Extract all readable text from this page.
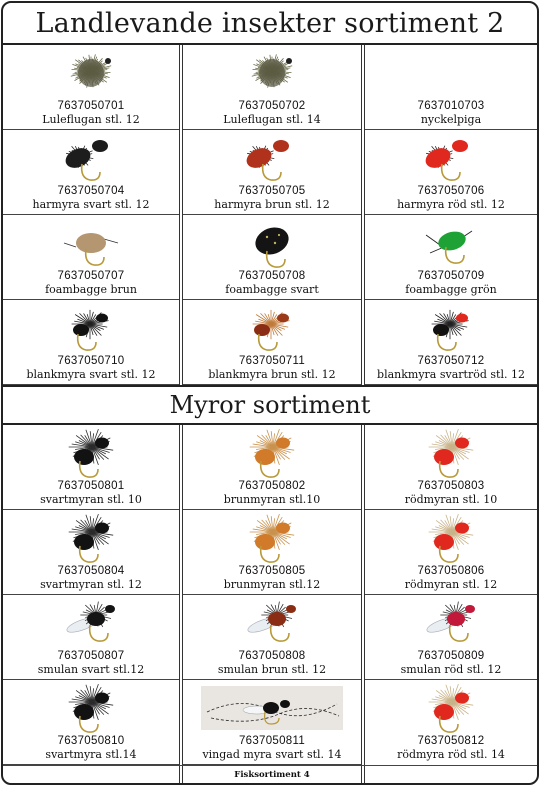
Landlevande insekter sortiment 2
7637050701
Luleflugan stl. 12
7637050702
Luleflugan stl. 14
7637010703
nyckelpiga
7637050704
harmyra svart stl. 12
7637050705
harmyra brun stl. 12
7637050706
harmyra röd stl. 12
7637050707
foambagge brun
7637050708
foambagge svart
7637050709
foambagge grön
7637050710
blankmyra svart stl. 12
7637050711
blankmyra brun stl. 12
7637050712
blankmyra svartröd stl. 12
Myror sortiment
7637050801
svartmyran stl. 10
7637050802
brunmyran stl.10
7637050803
rödmyran stl. 10
7637050804
svartmyran stl. 12
7637050805
brunmyran stl.12
7637050806
rödmyran stl. 12
7637050807
smulan svart stl.12
7637050808
smulan brun stl. 12
7637050809
smulan röd stl. 12
7637050810
svartmyra stl.14
7637050811
vingad myra svart stl. 14
7637050812
rödmyra röd stl. 14
Fisksortiment 4
